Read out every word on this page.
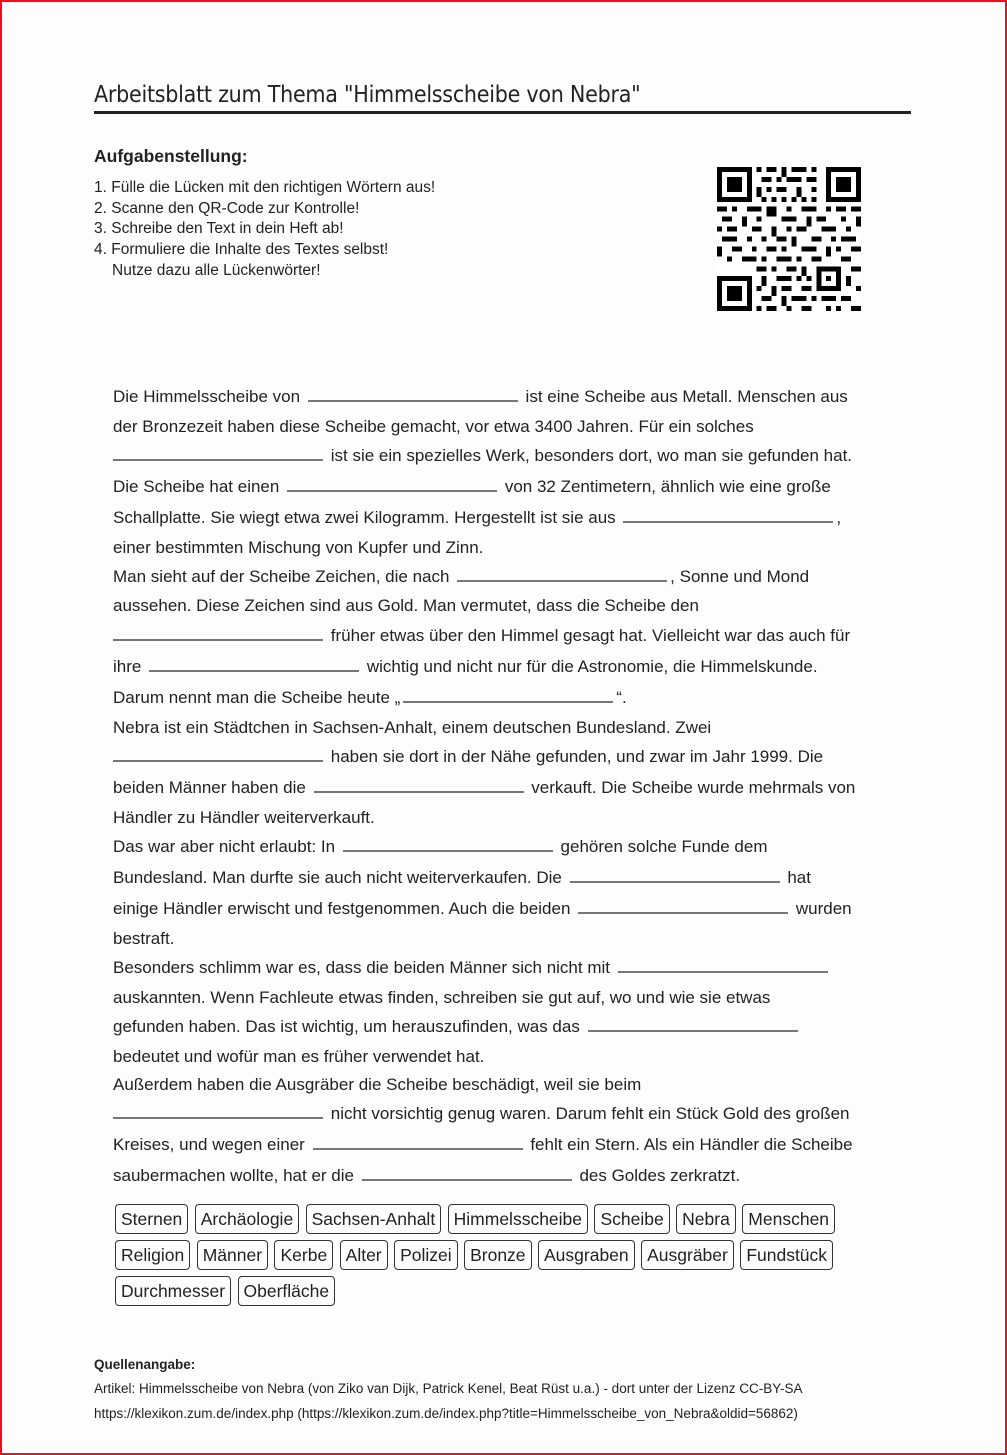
Arbeitsblatt zum Thema "Himmelsscheibe von Nebra"
Aufgabenstellung:
1. Fülle die Lücken mit den richtigen Wörtern aus!
2. Scanne den QR-Code zur Kontrolle!
3. Schreibe den Text in dein Heft ab!
4. Formuliere die Inhalte des Textes selbst!
Nutze dazu alle Lückenwörter!
Die Himmelsscheibe von	ist eine Scheibe aus Metall. Menschen aus
der Bronzezeit haben diese Scheibe gemacht, vor etwa 3400 Jahren. Für ein solches
ist sie ein spezielles Werk, besonders dort, wo man sie gefunden hat.
Die Scheibe hat einen	von 32 Zentimetern, ähnlich wie eine große
Schallplatte. Sie wiegt etwa zwei Kilogramm. Hergestellt ist sie aus	,
einer bestimmten Mischung von Kupfer und Zinn.
Man sieht auf der Scheibe Zeichen, die nach	, Sonne und Mond
aussehen. Diese Zeichen sind aus Gold. Man vermutet, dass die Scheibe den
früher etwas über den Himmel gesagt hat. Vielleicht war das auch für
ihre	wichtig und nicht nur für die Astronomie, die Himmelskunde.
Darum nennt man die Scheibe heute „	“.
Nebra ist ein Städtchen in Sachsen-Anhalt, einem deutschen Bundesland. Zwei
haben sie dort in der Nähe gefunden, und zwar im Jahr 1999. Die
beiden Männer haben die	verkauft. Die Scheibe wurde mehrmals von
Händler zu Händler weiterverkauft.
Das war aber nicht erlaubt: In	gehören solche Funde dem
Bundesland. Man durfte sie auch nicht weiterverkaufen. Die	hat
einige Händler erwischt und festgenommen. Auch die beiden	wurden
bestraft.
Besonders schlimm war es, dass die beiden Männer sich nicht mit
auskannten. Wenn Fachleute etwas finden, schreiben sie gut auf, wo und wie sie etwas
gefunden haben. Das ist wichtig, um herauszufinden, was das
bedeutet und wofür man es früher verwendet hat.
Außerdem haben die Ausgräber die Scheibe beschädigt, weil sie beim
nicht vorsichtig genug waren. Darum fehlt ein Stück Gold des großen
Kreises, und wegen einer	fehlt ein Stern. Als ein Händler die Scheibe
saubermachen wollte, hat er die	des Goldes zerkratzt.
Sternen Archäologie Sachsen-Anhalt Himmelsscheibe Scheibe Nebra Menschen
Religion Männer Kerbe Alter Polizei Bronze Ausgraben Ausgräber Fundstück
Durchmesser Oberfläche
Quellenangabe:
Artikel: Himmelsscheibe von Nebra (von Ziko van Dijk, Patrick Kenel, Beat Rüst u.a.) - dort unter der Lizenz CC-BY-SA
https://klexikon.zum.de/index.php (https://klexikon.zum.de/index.php?title=Himmelsscheibe_von_Nebra&oldid=56862)
